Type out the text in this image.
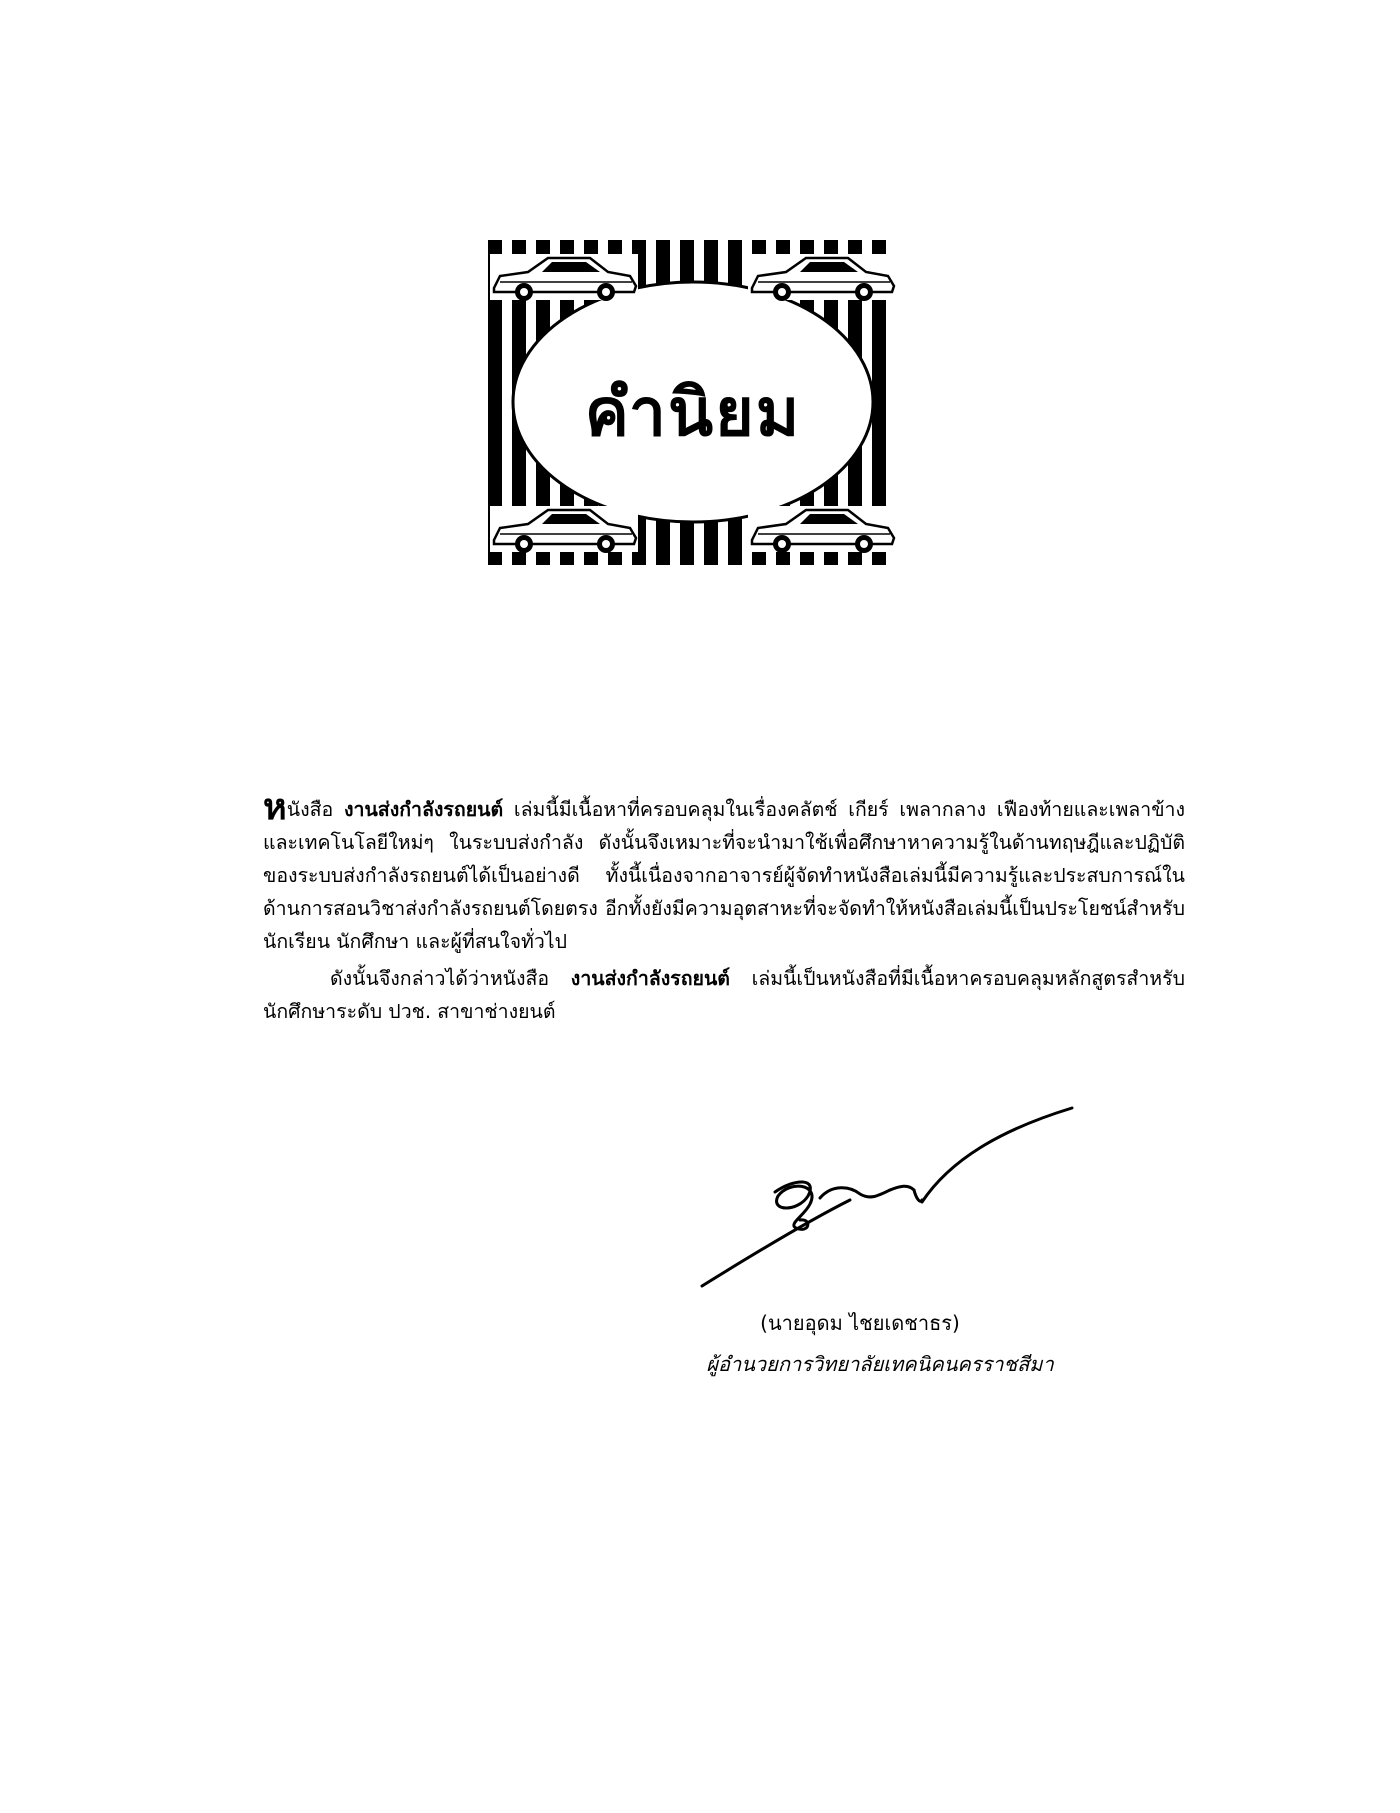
คำนิยม

หนังสือ งานส่งกำลังรถยนต์ เล่มนี้มีเนื้อหาที่ครอบคลุมในเรื่องคลัตช์ เกียร์ เพลากลาง เฟืองท้ายและเพลาข้าง และเทคโนโลยีใหม่ๆ ในระบบส่งกำลัง ดังนั้นจึงเหมาะที่จะนำมาใช้เพื่อศึกษาหาความรู้ในด้านทฤษฎีและปฏิบัติของระบบส่งกำลังรถยนต์ได้เป็นอย่างดี ทั้งนี้เนื่องจากอาจารย์ผู้จัดทำหนังสือเล่มนี้มีความรู้และประสบการณ์ในด้านการสอนวิชาส่งกำลังรถยนต์โดยตรง อีกทั้งยังมีความอุตสาหะที่จะจัดทำให้หนังสือเล่มนี้เป็นประโยชน์สำหรับนักเรียน นักศึกษา และผู้ที่สนใจทั่วไป

ดังนั้นจึงกล่าวได้ว่าหนังสือ งานส่งกำลังรถยนต์ เล่มนี้เป็นหนังสือที่มีเนื้อหาครอบคลุมหลักสูตรสำหรับนักศึกษาระดับ ปวช. สาขาช่างยนต์

(นายอุดม ไชยเดชาธร)
ผู้อำนวยการวิทยาลัยเทคนิคนครราชสีมา
